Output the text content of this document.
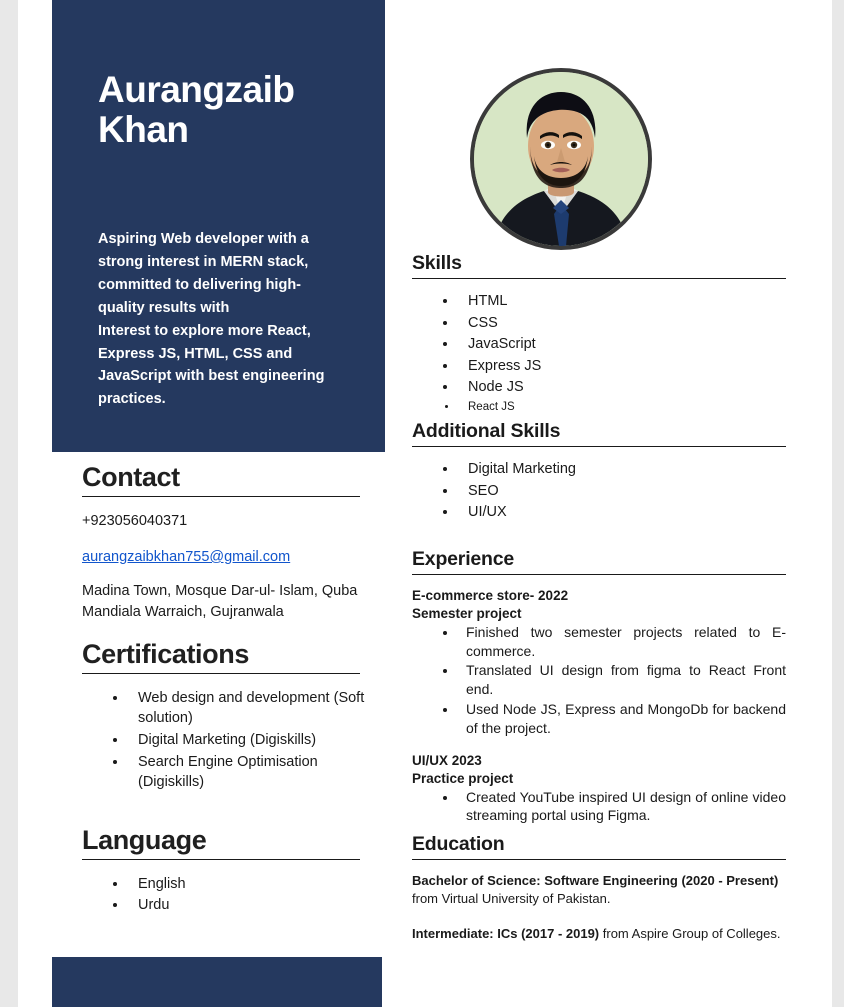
Aurangzaib
Khan

Aspiring Web developer with a

strong interest in MERN stack,

committed to delivering high-

quality results with

Interest to explore more React,

Express JS, HTML, CSS and

JavaScript with best engineering

practices.

Contact
+923056040371
aurangzaibkhan755@gmail.com
Madina Town, Mosque Dar-ul- Islam, Quba
Mandiala Warraich, Gujranwala
Certifications
• Web design and development (Soft solution)
• Digital Marketing (Digiskills)
• Search Engine Optimisation (Digiskills)
Language
• English
• Urdu
Skills
• HTML
• CSS
• JavaScript
• Express JS
• Node JS
• React JS
Additional Skills
• Digital Marketing
• SEO
• UI/UX
Experience

E-commerce store- 2022

Semester project

• Finished two semester projects related to E-commerce.
• Translated UI design from figma to React Front end.
• Used Node JS, Express and MongoDb for backend of the project.

UI/UX 2023

Practice project

• Created YouTube inspired UI design of online video streaming portal using Figma.
Education

Bachelor of Science: Software Engineering (2020 - Present) from Virtual University of Pakistan.

Intermediate: ICs (2017 - 2019) from Aspire Group of Colleges.
